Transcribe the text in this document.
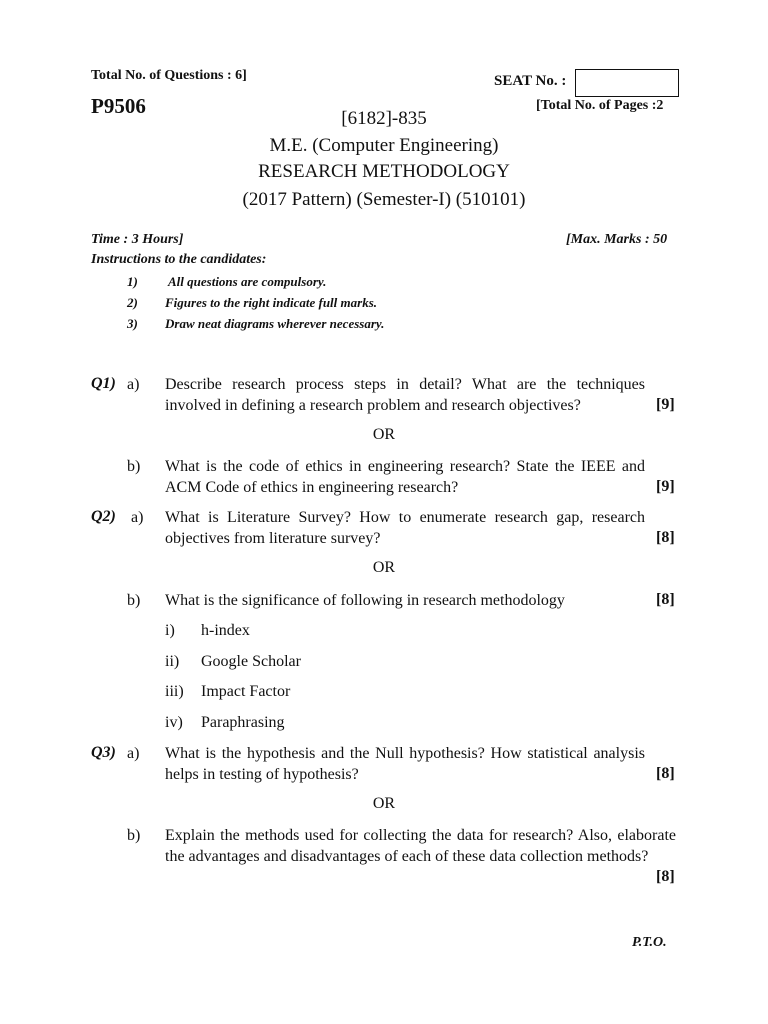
Total No. of Questions : 6]	SEAT No. :
P9506	[Total No. of Pages :2
[6182]-835
M.E. (Computer Engineering)
RESEARCH METHODOLOGY
(2017 Pattern) (Semester-I) (510101)
Time : 3 Hours]	[Max. Marks : 50
Instructions to the candidates:
1) All questions are compulsory.
2) Figures to the right indicate full marks.
3) Draw neat diagrams wherever necessary.
Q1) a) Describe research process steps in detail? What are the techniques involved in defining a research problem and research objectives?	[9]
OR
b) What is the code of ethics in engineering research? State the IEEE and ACM Code of ethics in engineering research?	[9]
Q2) a) What is Literature Survey? How to enumerate research gap, research objectives from literature survey?	[8]
OR
b) What is the significance of following in research methodology	[8]
i) h-index
ii) Google Scholar
iii) Impact Factor
iv) Paraphrasing
Q3) a) What is the hypothesis and the Null hypothesis? How statistical analysis helps in testing of hypothesis?	[8]
OR
b) Explain the methods used for collecting the data for research? Also, elaborate the advantages and disadvantages of each of these data collection methods?
[8]
P.T.O.
